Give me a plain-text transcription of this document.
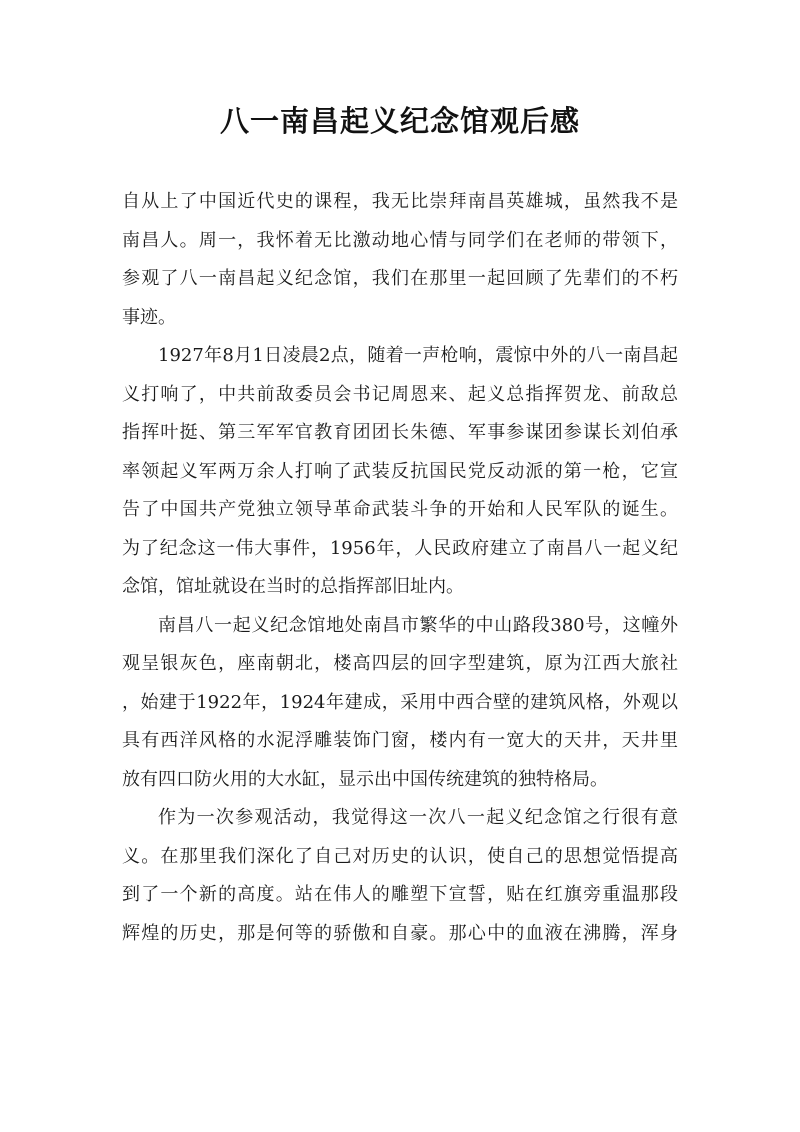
八一南昌起义纪念馆观后感
自从上了中国近代史的课程，我无比崇拜南昌英雄城，虽然我不是
南昌人。周一，我怀着无比激动地心情与同学们在老师的带领下，
参观了八一南昌起义纪念馆，我们在那里一起回顾了先辈们的不朽
事迹。
1927年8月1日凌晨2点，随着一声枪响，震惊中外的八一南昌起
义打响了，中共前敌委员会书记周恩来、起义总指挥贺龙、前敌总
指挥叶挺、第三军军官教育团团长朱德、军事参谋团参谋长刘伯承
率领起义军两万余人打响了武装反抗国民党反动派的第一枪，它宣
告了中国共产党独立领导革命武装斗争的开始和人民军队的诞生。
为了纪念这一伟大事件，1956年，人民政府建立了南昌八一起义纪
念馆，馆址就设在当时的总指挥部旧址内。
南昌八一起义纪念馆地处南昌市繁华的中山路段380号，这幢外
观呈银灰色，座南朝北，楼高四层的回字型建筑，原为江西大旅社
，始建于1922年，1924年建成，采用中西合壁的建筑风格，外观以
具有西洋风格的水泥浮雕装饰门窗，楼内有一宽大的天井，天井里
放有四口防火用的大水缸，显示出中国传统建筑的独特格局。
作为一次参观活动，我觉得这一次八一起义纪念馆之行很有意
义。在那里我们深化了自己对历史的认识，使自己的思想觉悟提高
到了一个新的高度。站在伟人的雕塑下宣誓，贴在红旗旁重温那段
辉煌的历史，那是何等的骄傲和自豪。那心中的血液在沸腾，浑身
